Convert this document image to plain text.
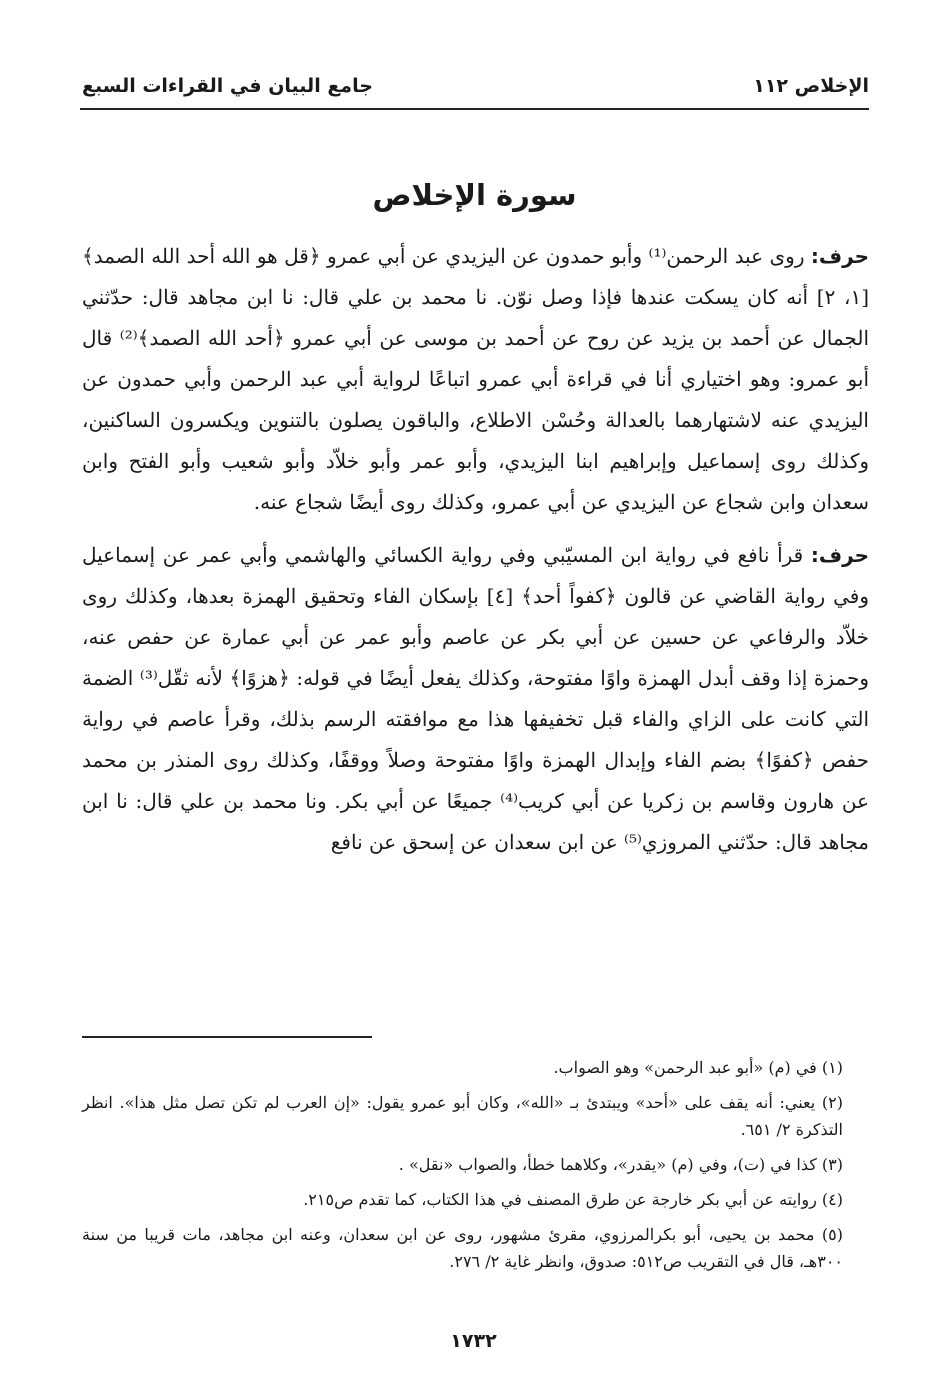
الإخلاص ١١٢
جامع البيان في القراءات السبع
سورة الإخلاص

حرف: روى عبد الرحمن⁽¹⁾ وأبو حمدون عن اليزيدي عن أبي عمرو ﴿قل هو الله أحد الله الصمد﴾ [١، ٢] أنه كان يسكت عندها فإذا وصل نوّن. نا محمد بن علي قال: نا ابن مجاهد قال: حدّثني الجمال عن أحمد بن يزيد عن روح عن أحمد بن موسى عن أبي عمرو ﴿أحد الله الصمد﴾⁽²⁾ قال أبو عمرو: وهو اختياري أنا في قراءة أبي عمرو اتباعًا لرواية أبي عبد الرحمن وأبي حمدون عن اليزيدي عنه لاشتهارهما بالعدالة وحُسْن الاطلاع، والباقون يصلون بالتنوين ويكسرون الساكنين، وكذلك روى إسماعيل وإبراهيم ابنا اليزيدي، وأبو عمر وأبو خلاّد وأبو شعيب وأبو الفتح وابن سعدان وابن شجاع عن اليزيدي عن أبي عمرو، وكذلك روى أيضًا شجاع عنه.

حرف: قرأ نافع في رواية ابن المسيّبي وفي رواية الكسائي والهاشمي وأبي عمر عن إسماعيل وفي رواية القاضي عن قالون ﴿كفواً أحد﴾ [٤] بإسكان الفاء وتحقيق الهمزة بعدها، وكذلك روى خلاّد والرفاعي عن حسين عن أبي بكر عن عاصم وأبو عمر عن أبي عمارة عن حفص عنه، وحمزة إذا وقف أبدل الهمزة واوًا مفتوحة، وكذلك يفعل أيضًا في قوله: ﴿هزوًا﴾ لأنه ثقّل⁽³⁾ الضمة التي كانت على الزاي والفاء قبل تخفيفها هذا مع موافقته الرسم بذلك، وقرأ عاصم في رواية حفص ﴿كفوًا﴾ بضم الفاء وإبدال الهمزة واوًا مفتوحة وصلاً ووقفًا، وكذلك روى المنذر بن محمد عن هارون وقاسم بن زكريا عن أبي كريب⁽⁴⁾ جميعًا عن أبي بكر. ونا محمد بن علي قال: نا ابن مجاهد قال: حدّثني المروزي⁽⁵⁾ عن ابن سعدان عن إسحق عن نافع

(١) في (م) «أبو عبد الرحمن» وهو الصواب.

(٢) يعني: أنه يقف على «أحد» ويبتدئ بـ «الله»، وكان أبو عمرو يقول: «إن العرب لم تكن تصل مثل هذا». انظر التذكرة ٢/ ٦٥١.

(٣) كذا في (ت)، وفي (م) «يقدر»، وكلاهما خطأ، والصواب «نقل» .

(٤) روايته عن أبي بكر خارجة عن طرق المصنف في هذا الكتاب، كما تقدم ص٢١٥.

(٥) محمد بن يحيى، أبو بكرالمرزوي، مقرئ مشهور، روى عن ابن سعدان، وعنه ابن مجاهد، مات قريبا من سنة ٣٠٠هـ، قال في التقريب ص٥١٢: صدوق، وانظر غاية ٢/ ٢٧٦.

١٧٣٢
